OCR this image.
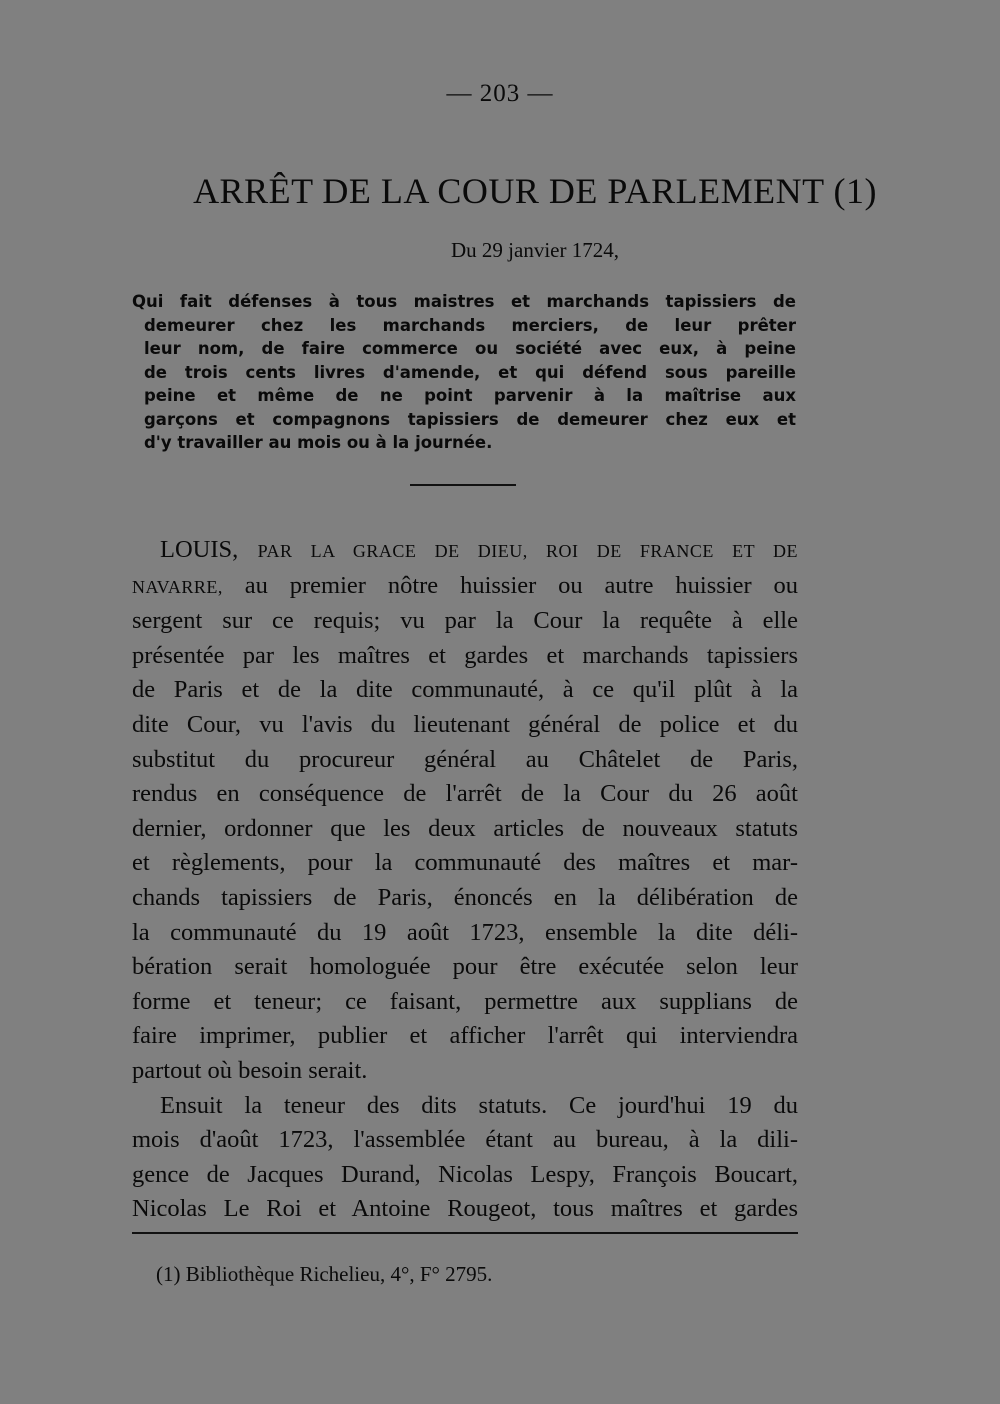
— 203 —
ARRÊT DE LA COUR DE PARLEMENT (1)
Du 29 janvier 1724,
Qui fait défenses à tous maistres et marchands tapissiers de
demeurer chez les marchands merciers, de leur prêter
leur nom, de faire commerce ou société avec eux, à peine
de trois cents livres d'amende, et qui défend sous pareille
peine et même de ne point parvenir à la maîtrise aux
garçons et compagnons tapissiers de demeurer chez eux et
d'y travailler au mois ou à la journée.
LOUIS, PAR LA GRACE DE DIEU, ROI DE FRANCE ET DE
NAVARRE, au premier nôtre huissier ou autre huissier ou
sergent sur ce requis; vu par la Cour la requête à elle
présentée par les maîtres et gardes et marchands tapissiers
de Paris et de la dite communauté, à ce qu'il plût à la
dite Cour, vu l'avis du lieutenant général de police et du
substitut du procureur général au Châtelet de Paris,
rendus en conséquence de l'arrêt de la Cour du 26 août
dernier, ordonner que les deux articles de nouveaux statuts
et règlements, pour la communauté des maîtres et mar-
chands tapissiers de Paris, énoncés en la délibération de
la communauté du 19 août 1723, ensemble la dite déli-
bération serait homologuée pour être exécutée selon leur
forme et teneur; ce faisant, permettre aux supplians de
faire imprimer, publier et afficher l'arrêt qui interviendra
partout où besoin serait.
Ensuit la teneur des dits statuts. Ce jourd'hui 19 du
mois d'août 1723, l'assemblée étant au bureau, à la dili-
gence de Jacques Durand, Nicolas Lespy, François Boucart,
Nicolas Le Roi et Antoine Rougeot, tous maîtres et gardes
(1) Bibliothèque Richelieu, 4°, F° 2795.
